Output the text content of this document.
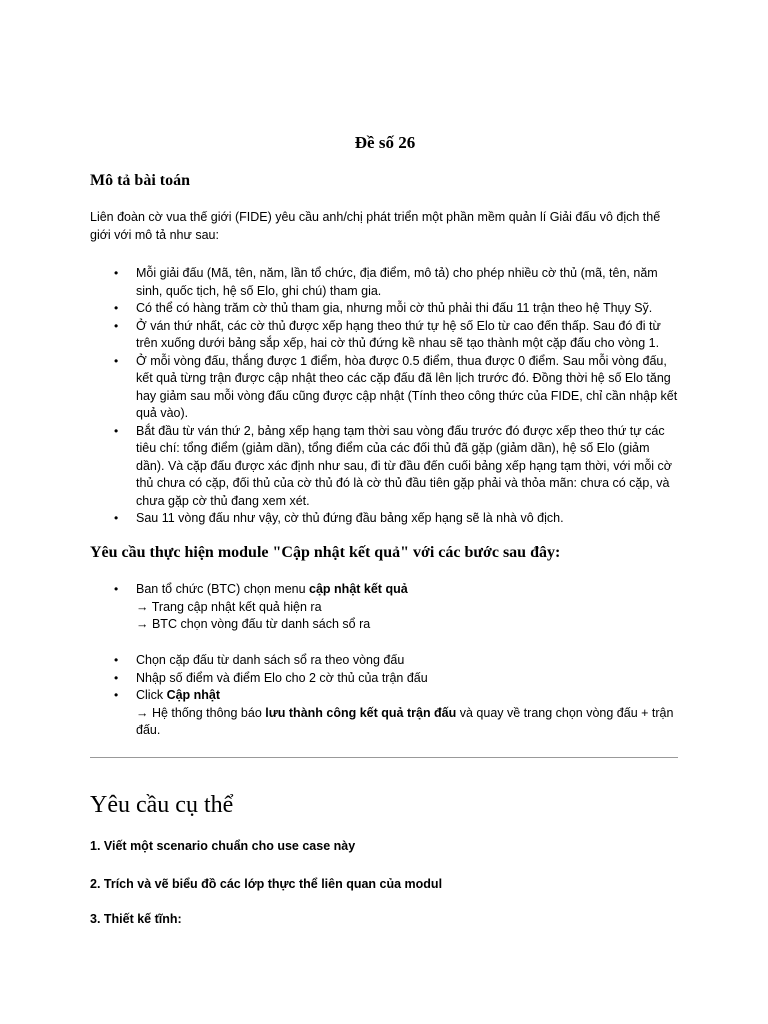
Đề số 26
Mô tả bài toán

Liên đoàn cờ vua thế giới (FIDE) yêu cầu anh/chị phát triển một phần mềm quản lí Giải đấu vô địch thế giới với mô tả như sau:

• Mỗi giải đấu (Mã, tên, năm, lần tổ chức, địa điểm, mô tả) cho phép nhiều cờ thủ (mã, tên, năm sinh, quốc tịch, hệ số Elo, ghi chú) tham gia.
• Có thể có hàng trăm cờ thủ tham gia, nhưng mỗi cờ thủ phải thi đấu 11 trận theo hệ Thụy Sỹ.
• Ở ván thứ nhất, các cờ thủ được xếp hạng theo thứ tự hệ số Elo từ cao đến thấp. Sau đó đi từ trên xuống dưới bảng sắp xếp, hai cờ thủ đứng kề nhau sẽ tạo thành một cặp đấu cho vòng 1.
• Ở mỗi vòng đấu, thắng được 1 điểm, hòa được 0.5 điểm, thua được 0 điểm. Sau mỗi vòng đấu, kết quả từng trận được cập nhật theo các cặp đấu đã lên lịch trước đó. Đồng thời hệ số Elo tăng hay giảm sau mỗi vòng đấu cũng được cập nhật (Tính theo công thức của FIDE, chỉ cần nhập kết quả vào).
• Bắt đầu từ ván thứ 2, bảng xếp hạng tạm thời sau vòng đấu trước đó được xếp theo thứ tự các tiêu chí: tổng điểm (giảm dần), tổng điểm của các đối thủ đã gặp (giảm dần), hệ số Elo (giảm dần). Và cặp đấu được xác định như sau, đi từ đầu đến cuối bảng xếp hạng tạm thời, với mỗi cờ thủ chưa có cặp, đối thủ của cờ thủ đó là cờ thủ đầu tiên gặp phải và thỏa mãn: chưa có cặp, và chưa gặp cờ thủ đang xem xét.
• Sau 11 vòng đấu như vậy, cờ thủ đứng đầu bảng xếp hạng sẽ là nhà vô địch.
Yêu cầu thực hiện module "Cập nhật kết quả" với các bước sau đây:
• Ban tổ chức (BTC) chọn menu cập nhật kết quả
→ Trang cập nhật kết quả hiện ra
→ BTC chọn vòng đấu từ danh sách sổ ra
• Chọn cặp đấu từ danh sách sổ ra theo vòng đấu
• Nhập số điểm và điểm Elo cho 2 cờ thủ của trận đấu
• Click Cập nhật
→ Hệ thống thông báo lưu thành công kết quả trận đấu và quay về trang chọn vòng đấu + trận đấu.
Yêu cầu cụ thể

1. Viết một scenario chuẩn cho use case này

2. Trích và vẽ biểu đồ các lớp thực thể liên quan của modul

3. Thiết kế tĩnh:
